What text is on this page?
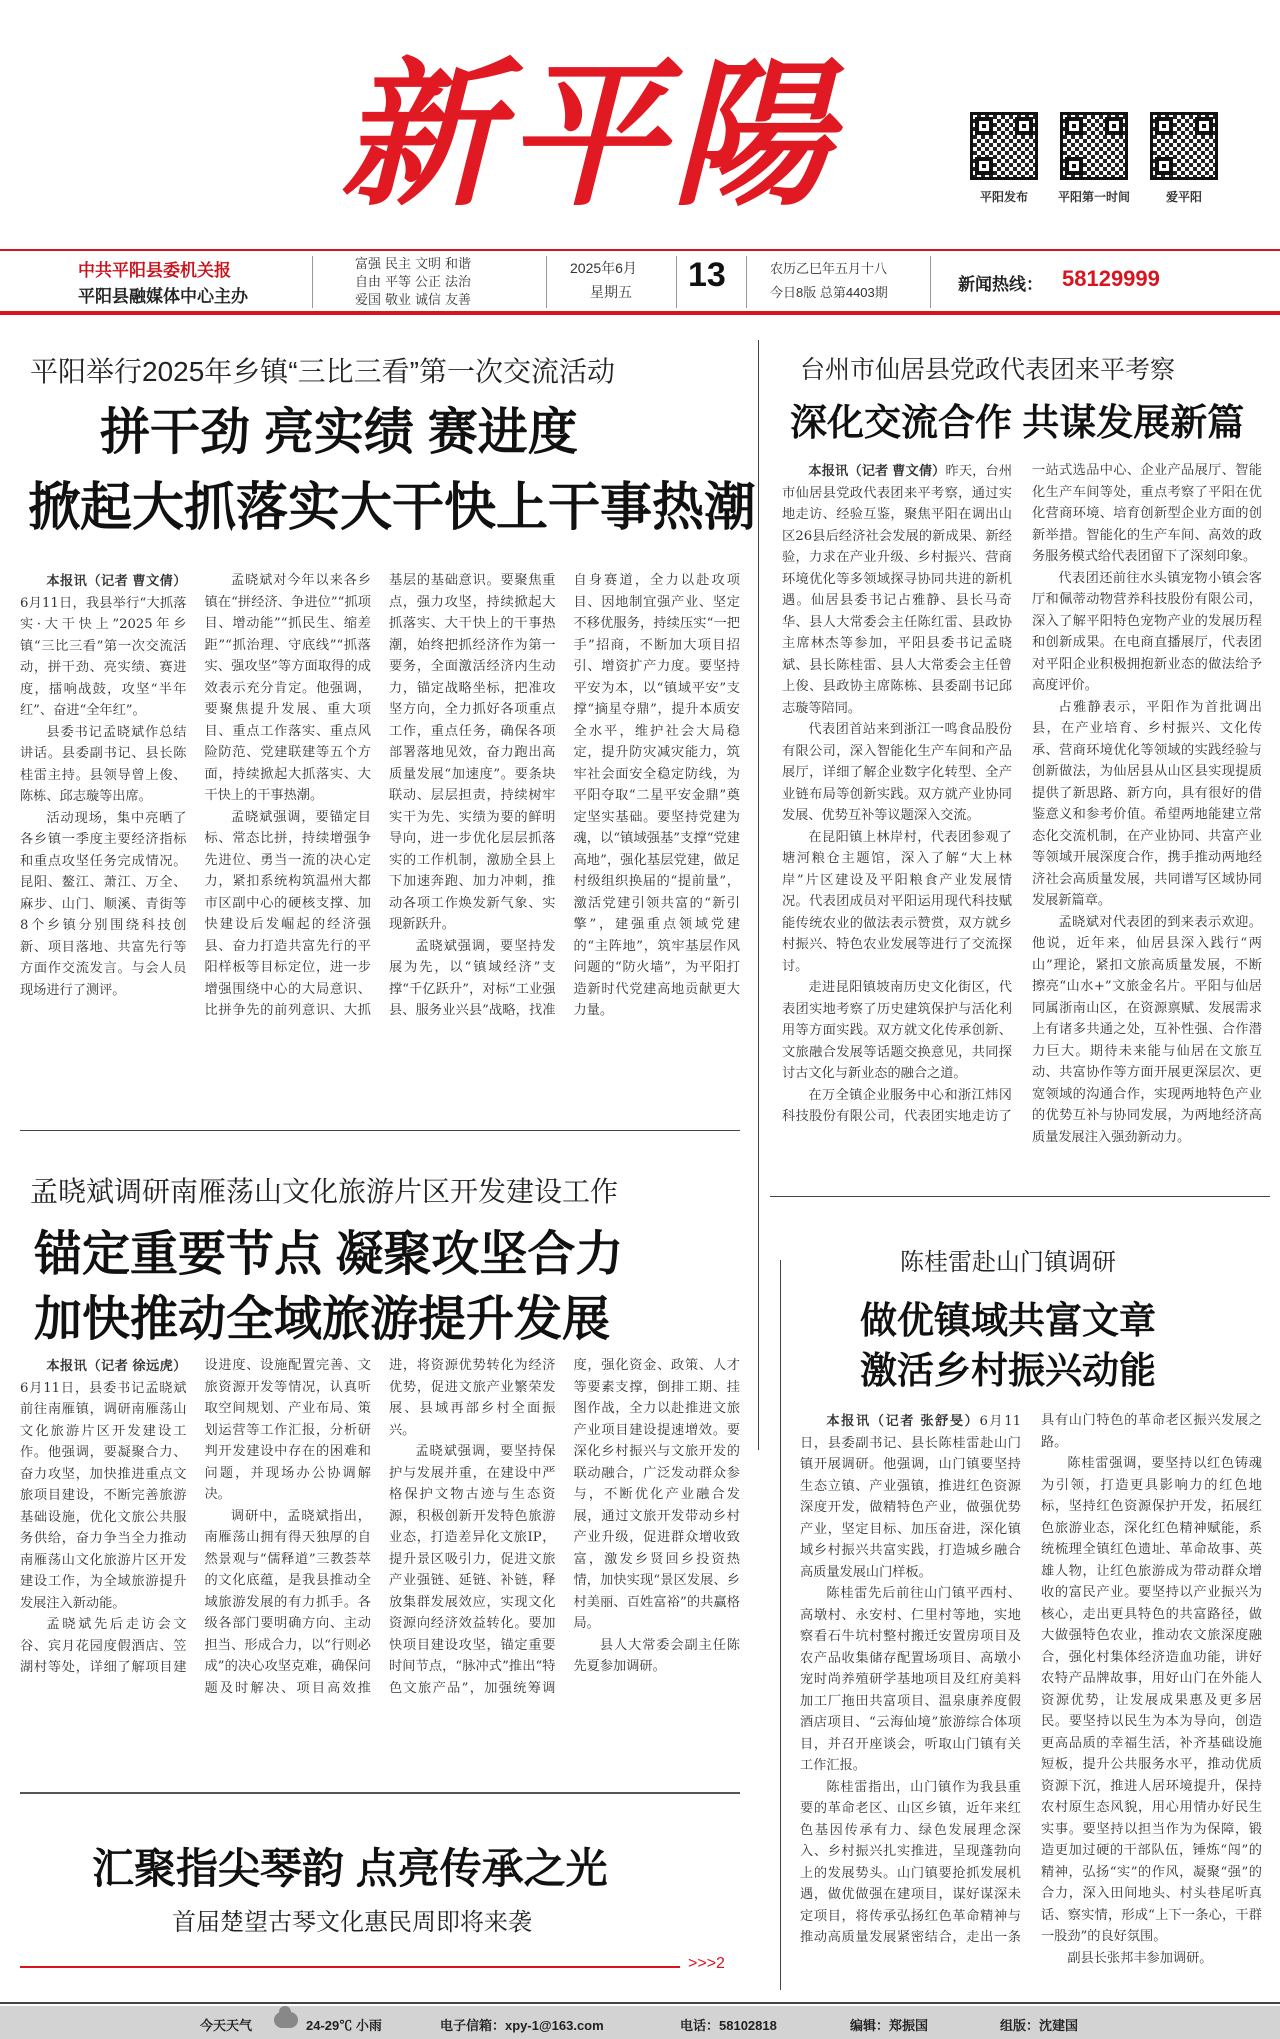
新平陽	平阳发布	平阳第一时间	爱平阳
中共平阳县委机关报
平阳县融媒体中心主办
富强 民主 文明 和谐
自由 平等 公正 法治
爱国 敬业 诚信 友善
2025年6月
星期五 13	农历乙巳年五月十八
今日8版 总第4403期	新闻热线： 58129999
平阳举行2025年乡镇“三比三看”第一次交流活动
拼干劲 亮实绩 赛进度
掀起大抓落实大干快上干事热潮

本报讯（记者 曹文倩）6月11日，我县举行“大抓落实·大干快上”2025年乡镇“三比三看”第一次交流活动，拼干劲、亮实绩、赛进度，擂响战鼓，攻坚“半年红”、奋进“全年红”。

县委书记孟晓斌作总结讲话。县委副书记、县长陈桂雷主持。县领导曾上俊、陈栋、邱志璇等出席。

活动现场，集中亮晒了各乡镇一季度主要经济指标和重点攻坚任务完成情况。昆阳、鳌江、萧江、万全、麻步、山门、顺溪、青街等8个乡镇分别围绕科技创新、项目落地、共富先行等方面作交流发言。与会人员现场进行了测评。

孟晓斌对今年以来各乡镇在“拼经济、争进位”“抓项目、增动能”“抓民生、缩差距”“抓治理、守底线”“抓落实、强攻坚”等方面取得的成效表示充分肯定。他强调，要聚焦提升发展、重大项目、重点工作落实、重点风险防范、党建联建等五个方面，持续掀起大抓落实、大干快上的干事热潮。

孟晓斌强调，要锚定目标、常态比拼，持续增强争先进位、勇当一流的决心定力，紧扣系统构筑温州大都市区副中心的硬核支撑、加快建设后发崛起的经济强县、奋力打造共富先行的平阳样板等目标定位，进一步增强围绕中心的大局意识、比拼争先的前列意识、大抓基层的基础意识。要聚焦重点，强力攻坚，持续掀起大抓落实、大干快上的干事热潮，始终把抓经济作为第一要务，全面激活经济内生动力，锚定战略坐标，把准攻坚方向，全力抓好各项重点工作，重点任务，确保各项部署落地见效，奋力跑出高质量发展“加速度”。要条块联动、层层担责，持续树牢实干为先、实绩为要的鲜明导向，进一步优化层层抓落实的工作机制，激励全县上下加速奔跑、加力冲刺，推动各项工作焕发新气象、实现新跃升。

孟晓斌强调，要坚持发展为先，以“镇域经济”支撑“千亿跃升”，对标“工业强县、服务业兴县”战略，找准自身赛道，全力以赴攻项目、因地制宜强产业、坚定不移优服务，持续压实“一把手”招商，不断加大项目招引、增资扩产力度。要坚持平安为本，以“镇域平安”支撑“摘星夺鼎”，提升本质安全水平，维护社会大局稳定，提升防灾减灾能力，筑牢社会面安全稳定防线，为平阳夺取“二星平安金鼎”奠定坚实基础。要坚持党建为魂，以“镇域强基”支撑“党建高地”，强化基层党建，做足村级组织换届的“提前量”，激活党建引领共富的“新引擎”，建强重点领域党建的“主阵地”，筑牢基层作风问题的“防火墙”，为平阳打造新时代党建高地贡献更大力量。

台州市仙居县党政代表团来平考察
深化交流合作 共谋发展新篇

本报讯（记者 曹文倩）昨天，台州市仙居县党政代表团来平考察，通过实地走访、经验互鉴，聚焦平阳在调出山区26县后经济社会发展的新成果、新经验，力求在产业升级、乡村振兴、营商环境优化等多领域探寻协同共进的新机遇。仙居县委书记占雅静、县长马奇华、县人大常委会主任陈红雷、县政协主席林杰等参加，平阳县委书记孟晓斌、县长陈桂雷、县人大常委会主任曾上俊、县政协主席陈栋、县委副书记邱志璇等陪同。

代表团首站来到浙江一鸣食品股份有限公司，深入智能化生产车间和产品展厅，详细了解企业数字化转型、全产业链布局等创新实践。双方就产业协同发展、优势互补等议题深入交流。

在昆阳镇上林岸村，代表团参观了塘河粮仓主题馆，深入了解“大上林岸”片区建设及平阳粮食产业发展情况。代表团成员对平阳运用现代科技赋能传统农业的做法表示赞赏，双方就乡村振兴、特色农业发展等进行了交流探讨。

走进昆阳镇坡南历史文化街区，代表团实地考察了历史建筑保护与活化利用等方面实践。双方就文化传承创新、文旅融合发展等话题交换意见，共同探讨古文化与新业态的融合之道。

在万全镇企业服务中心和浙江炜冈科技股份有限公司，代表团实地走访了一站式选品中心、企业产品展厅、智能化生产车间等处，重点考察了平阳在优化营商环境、培育创新型企业方面的创新举措。智能化的生产车间、高效的政务服务模式给代表团留下了深刻印象。

代表团还前往水头镇宠物小镇会客厅和佩蒂动物营养科技股份有限公司，深入了解平阳特色宠物产业的发展历程和创新成果。在电商直播展厅，代表团对平阳企业积极拥抱新业态的做法给予高度评价。

占雅静表示，平阳作为首批调出县，在产业培育、乡村振兴、文化传承、营商环境优化等领域的实践经验与创新做法，为仙居县从山区县实现提质提供了新思路、新方向，具有很好的借鉴意义和参考价值。希望两地能建立常态化交流机制，在产业协同、共富产业等领域开展深度合作，携手推动两地经济社会高质量发展，共同谱写区域协同发展新篇章。

孟晓斌对代表团的到来表示欢迎。他说，近年来，仙居县深入践行“两山”理论，紧扣文旅高质量发展，不断擦亮“山水+”文旅金名片。平阳与仙居同属浙南山区，在资源禀赋、发展需求上有诸多共通之处，互补性强、合作潜力巨大。期待未来能与仙居在文旅互动、共富协作等方面开展更深层次、更宽领域的沟通合作，实现两地特色产业的优势互补与协同发展，为两地经济高质量发展注入强劲新动力。

孟晓斌调研南雁荡山文化旅游片区开发建设工作
锚定重要节点 凝聚攻坚合力
加快推动全域旅游提升发展

本报讯（记者 徐远虎）6月11日，县委书记孟晓斌前往南雁镇，调研南雁荡山文化旅游片区开发建设工作。他强调，要凝聚合力、奋力攻坚，加快推进重点文旅项目建设，不断完善旅游基础设施，优化文旅公共服务供给，奋力争当全力推动南雁荡山文化旅游片区开发建设工作，为全域旅游提升发展注入新动能。

孟晓斌先后走访会文谷、宾月花园度假酒店、笠湖村等处，详细了解项目建设进度、设施配置完善、文旅资源开发等情况，认真听取空间规划、产业布局、策划运营等工作汇报，分析研判开发建设中存在的困难和问题，并现场办公协调解决。

调研中，孟晓斌指出，南雁荡山拥有得天独厚的自然景观与“儒释道”三教荟萃的文化底蕴，是我县推动全域旅游发展的有力抓手。各级各部门要明确方向、主动担当、形成合力，以“行则必成”的决心攻坚克难，确保问题及时解决、项目高效推进，将资源优势转化为经济优势，促进文旅产业繁荣发展、县域再部乡村全面振兴。

孟晓斌强调，要坚持保护与发展并重，在建设中严格保护文物古迹与生态资源，积极创新开发特色旅游业态，打造差异化文旅IP，提升景区吸引力，促进文旅产业强链、延链、补链，释放集群发展效应，实现文化资源向经济效益转化。要加快项目建设攻坚，锚定重要时间节点，“脉冲式”推出“特色文旅产品”，加强统筹调度，强化资金、政策、人才等要素支撑，倒排工期、挂图作战，全力以赴推进文旅产业项目建设提速增效。要深化乡村振兴与文旅开发的联动融合，广泛发动群众参与，不断优化产业融合发展，通过文旅开发带动乡村产业升级，促进群众增收致富，激发乡贤回乡投资热情，加快实现“景区发展、乡村美丽、百姓富裕”的共赢格局。

县人大常委会副主任陈先夏参加调研。

陈桂雷赴山门镇调研
做优镇域共富文章
激活乡村振兴动能

本报讯（记者 张舒旻）6月11日，县委副书记、县长陈桂雷赴山门镇开展调研。他强调，山门镇要坚持生态立镇、产业强镇，推进红色资源深度开发，做精特色产业，做强优势产业，坚定目标、加压奋进，深化镇域乡村振兴共富实践，打造城乡融合高质量发展山门样板。

陈桂雷先后前往山门镇平西村、高墩村、永安村、仁里村等地，实地察看石牛坑村整村搬迁安置房项目及农产品收集储存配置场项目、高墩小宠时尚养殖研学基地项目及红府美料加工厂拖田共富项目、温泉康养度假酒店项目、“云海仙境”旅游综合体项目，并召开座谈会，听取山门镇有关工作汇报。

陈桂雷指出，山门镇作为我县重要的革命老区、山区乡镇，近年来红色基因传承有力、绿色发展理念深入、乡村振兴扎实推进，呈现蓬勃向上的发展势头。山门镇要抢抓发展机遇，做优做强在建项目，谋好谋深未定项目，将传承弘扬红色革命精神与推动高质量发展紧密结合，走出一条具有山门特色的革命老区振兴发展之路。

陈桂雷强调，要坚持以红色铸魂为引领，打造更具影响力的红色地标，坚持红色资源保护开发，拓展红色旅游业态，深化红色精神赋能，系统梳理全镇红色遗址、革命故事、英雄人物，让红色旅游成为带动群众增收的富民产业。要坚持以产业振兴为核心，走出更具特色的共富路径，做大做强特色农业，推动农文旅深度融合，强化村集体经济造血功能，讲好农特产品牌故事，用好山门在外能人资源优势，让发展成果惠及更多居民。要坚持以民生为本为导向，创造更高品质的幸福生活，补齐基础设施短板，提升公共服务水平，推动优质资源下沉，推进人居环境提升，保持农村原生态风貌，用心用情办好民生实事。要坚持以担当作为为保障，锻造更加过硬的干部队伍，锤炼“闯”的精神，弘扬“实”的作风，凝聚“强”的合力，深入田间地头、村头巷尾听真话、察实情，形成“上下一条心，干群一股劲”的良好氛围。

副县长张邦丰参加调研。

汇聚指尖琴韵 点亮传承之光
首届楚望古琴文化惠民周即将来袭
>>>2
今天天气	24-29℃ 小雨	电子信箱：xpy-1@163.com	电话：58102818	编辑：郑振国	组版：沈建国
